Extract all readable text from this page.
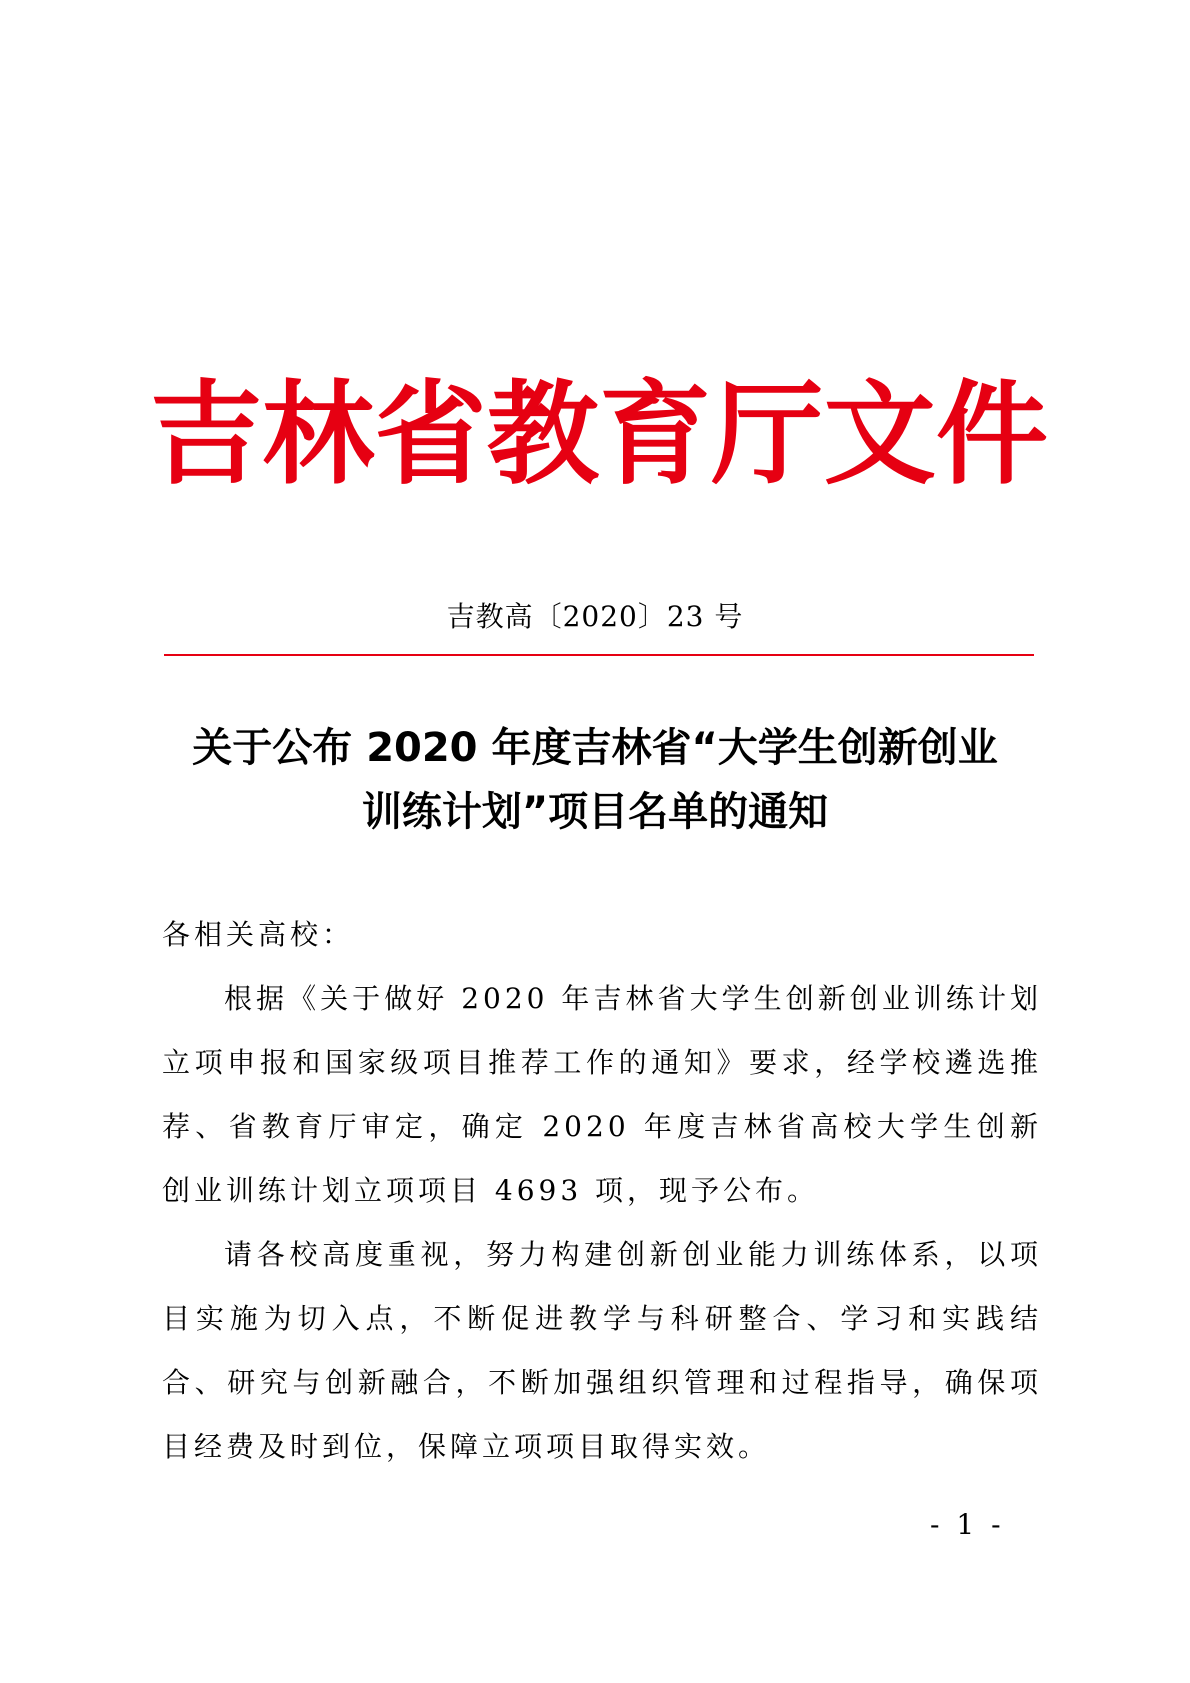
吉 林 省 教 育 厅 文 件
吉教高〔2020〕23 号
关于公布 2020 年度吉林省“大学生创新创业
训练计划”项目名单的通知

各相关高校：

根据《关于做好 2020 年吉林省大学生创新创业训练计划立项申报和国家级项目推荐工作的通知》要求，经学校遴选推荐、省教育厅审定，确定 2020 年度吉林省高校大学生创新创业训练计划立项项目 4693 项，现予公布。

请各校高度重视，努力构建创新创业能力训练体系，以项目实施为切入点，不断促进教学与科研整合、学习和实践结合、研究与创新融合，不断加强组织管理和过程指导，确保项目经费及时到位，保障立项项目取得实效。

- 1 -
